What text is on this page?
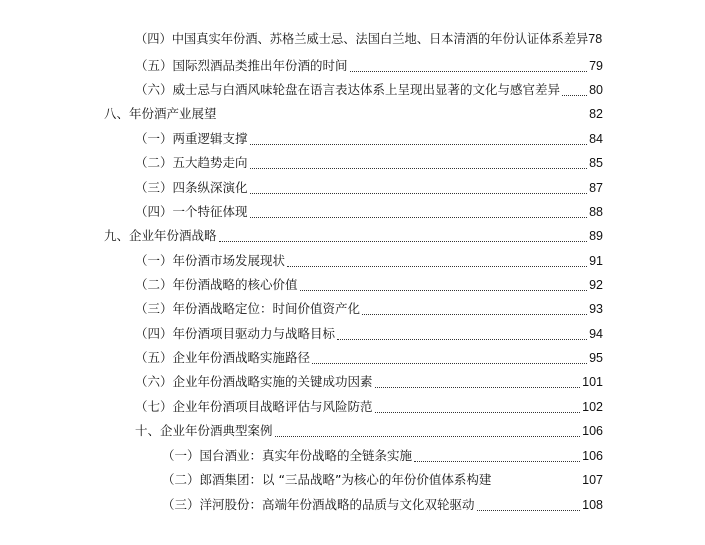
（四）中国真实年份酒、苏格兰威士忌、法国白兰地、日本清酒的年份认证体系差异 78
（五）国际烈酒品类推出年份酒的时间	79
（六）威士忌与白酒风味轮盘在语言表达体系上呈现出显著的文化与感官差异 80
八、年份酒产业展望	82
（一）两重逻辑支撑	84
（二）五大趋势走向	85
（三）四条纵深演化	87
（四）一个特征体现	88
九、企业年份酒战略	89
（一）年份酒市场发展现状	91
（二）年份酒战略的核心价值	92
（三）年份酒战略定位：时间价值资产化	93
（四）年份酒项目驱动力与战略目标	94
（五）企业年份酒战略实施路径	95
（六）企业年份酒战略实施的关键成功因素	101
（七）企业年份酒项目战略评估与风险防范	102
十、企业年份酒典型案例	106
（一）国台酒业：真实年份战略的全链条实施	106
（二）郎酒集团：以 “三品战略”为核心的年份价值体系构建	107
（三）洋河股份：高端年份酒战略的品质与文化双轮驱动	108
